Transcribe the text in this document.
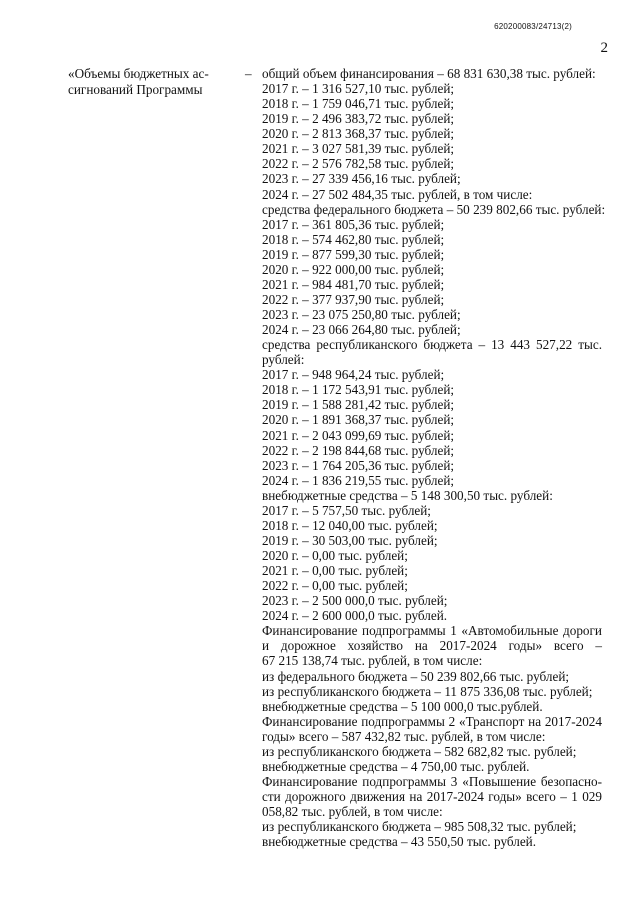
620200083/24713(2)
2
«Объемы бюджетных ассигнований Программы
– общий объем финансирования – 68 831 630,38 тыс. рублей:
2017 г. – 1 316 527,10 тыс. рублей;
2018 г. – 1 759 046,71 тыс. рублей;
2019 г. – 2 496 383,72 тыс. рублей;
2020 г. – 2 813 368,37 тыс. рублей;
2021 г. – 3 027 581,39 тыс. рублей;
2022 г. – 2 576 782,58 тыс. рублей;
2023 г. – 27 339 456,16 тыс. рублей;
2024 г. – 27 502 484,35 тыс. рублей, в том числе:
средства федерального бюджета – 50 239 802,66 тыс. рублей:
2017 г. – 361 805,36 тыс. рублей;
2018 г. – 574 462,80 тыс. рублей;
2019 г. – 877 599,30 тыс. рублей;
2020 г. – 922 000,00 тыс. рублей;
2021 г. – 984 481,70 тыс. рублей;
2022 г. – 377 937,90 тыс. рублей;
2023 г. – 23 075 250,80 тыс. рублей;
2024 г. – 23 066 264,80 тыс. рублей;
средства республиканского бюджета – 13 443 527,22 тыс.
рублей:
2017 г. – 948 964,24 тыс. рублей;
2018 г. – 1 172 543,91 тыс. рублей;
2019 г. – 1 588 281,42 тыс. рублей;
2020 г. – 1 891 368,37 тыс. рублей;
2021 г. – 2 043 099,69 тыс. рублей;
2022 г. – 2 198 844,68 тыс. рублей;
2023 г. – 1 764 205,36 тыс. рублей;
2024 г. – 1 836 219,55 тыс. рублей;
внебюджетные средства – 5 148 300,50 тыс. рублей:
2017 г. – 5 757,50 тыс. рублей;
2018 г. – 12 040,00 тыс. рублей;
2019 г. – 30 503,00 тыс. рублей;
2020 г. – 0,00 тыс. рублей;
2021 г. – 0,00 тыс. рублей;
2022 г. – 0,00 тыс. рублей;
2023 г. – 2 500 000,0 тыс. рублей;
2024 г. – 2 600 000,0 тыс. рублей.
Финансирование подпрограммы 1 «Автомобильные дороги
и дорожное хозяйство на 2017-2024 годы» всего –
67 215 138,74 тыс. рублей, в том числе:
из федерального бюджета – 50 239 802,66 тыс. рублей;
из республиканского бюджета – 11 875 336,08 тыс. рублей;
внебюджетные средства – 5 100 000,0 тыс.рублей.
Финансирование подпрограммы 2 «Транспорт на 2017-2024
годы» всего – 587 432,82 тыс. рублей, в том числе:
из республиканского бюджета – 582 682,82 тыс. рублей;
внебюджетные средства – 4 750,00 тыс. рублей.
Финансирование подпрограммы 3 «Повышение безопасно-
сти дорожного движения на 2017-2024 годы» всего – 1 029
058,82 тыс. рублей, в том числе:
из республиканского бюджета – 985 508,32 тыс. рублей;
внебюджетные средства – 43 550,50 тыс. рублей.
